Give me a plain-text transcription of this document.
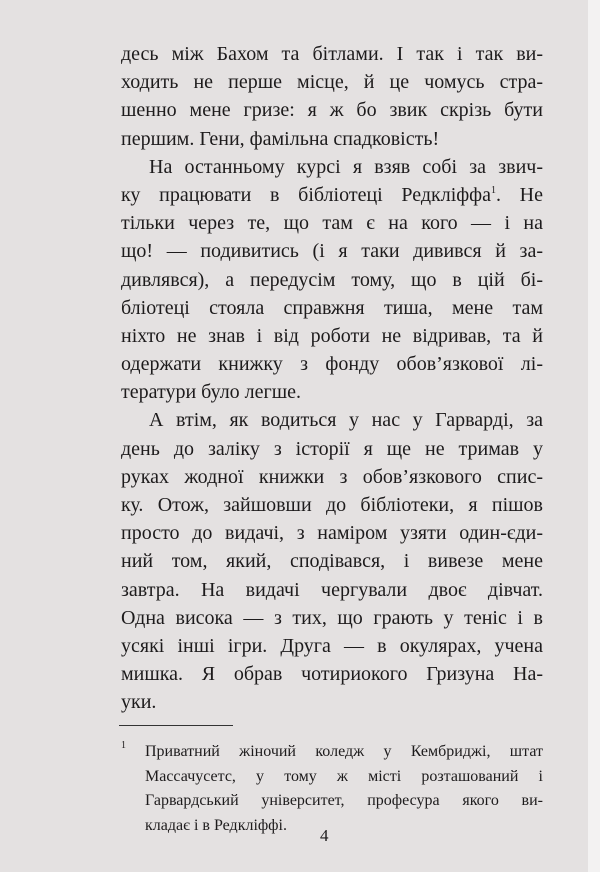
десь між Бахом та бітлами. І так і так ви-
ходить не перше місце, й це чомусь стра-
шенно мене гризе: я ж бо звик скрізь бути
першим. Гени, фамільна спадковість!
На останньому курсі я взяв собі за звич-
ку працювати в бібліотеці Редкліффа$^1$. Не
тільки через те, що там є на кого — і на
що! — подивитись (і я таки дивився й за-
дивлявся), а передусім тому, що в цій бі-
бліотеці стояла справжня тиша, мене там
ніхто не знав і від роботи не відривав, та й
одержати книжку з фонду обов’язкової лі-
тератури було легше.
А втім, як водиться у нас у Гарварді, за
день до заліку з історії я ще не тримав у
руках жодної книжки з обов’язкового спис-
ку. Отож, зайшовши до бібліотеки, я пішов
просто до видачі, з наміром узяти один-єди-
ний том, який, сподівався, і вивезе мене
завтра. На видачі чергували двоє дівчат.
Одна висока — з тих, що грають у теніс і в
усякі інші ігри. Друга — в окулярах, учена
мишка. Я обрав чотириокого Гризуна На-
уки.
1 Приватний жіночий коледж у Кембриджі, штат
Массачусетс, у тому ж місті розташований і
Гарвардський університет, професура якого ви-
кладає і в Редкліффі.
4
